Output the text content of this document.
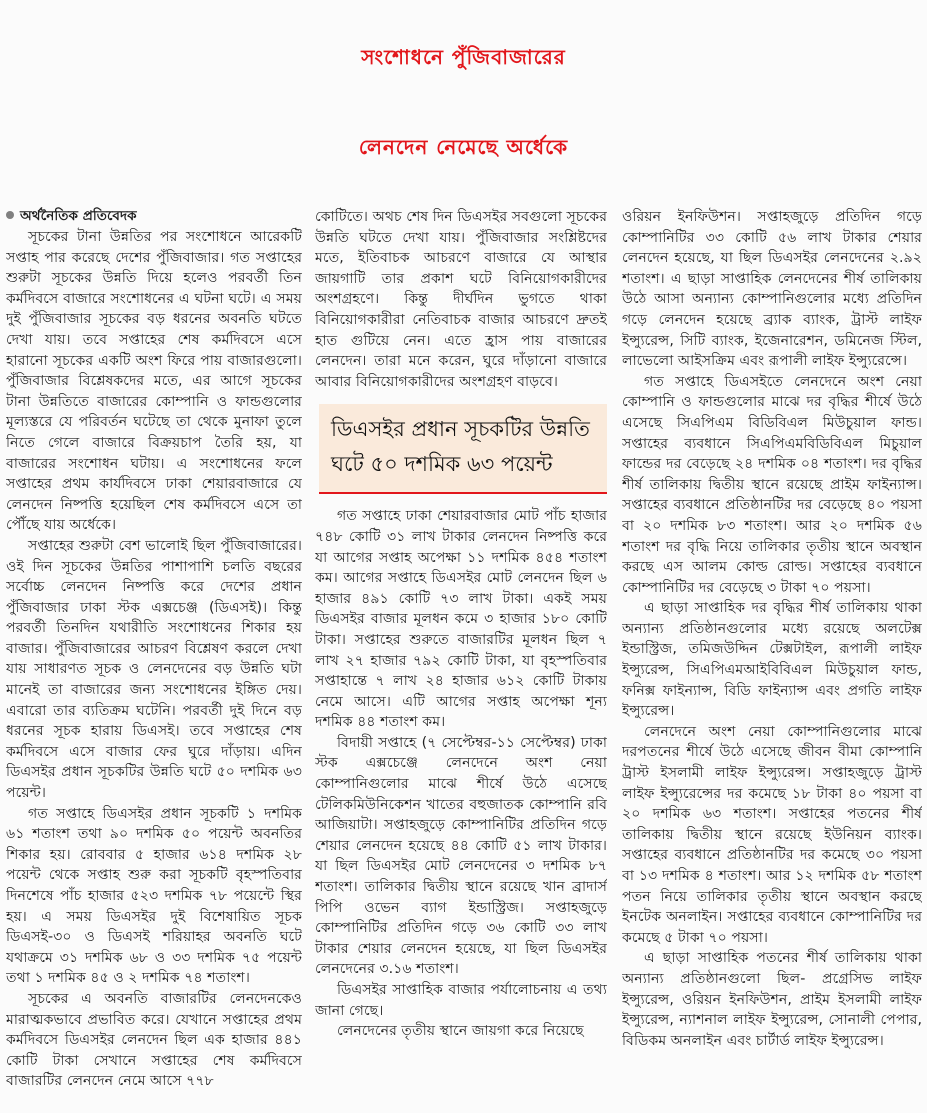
সংশোধনে পুঁজিবাজারের
লেনদেন নেমেছে অর্ধেকে
অর্থনৈতিক প্রতিবেদক

সূচকের টানা উন্নতির পর সংশোধনে আরেকটি সপ্তাহ পার করেছে দেশের পুঁজিবাজার। গত সপ্তাহের শুরুটা সূচকের উন্নতি দিয়ে হলেও পরবর্তী তিন কর্মদিবসে বাজারে সংশোধনের এ ঘটনা ঘটে। এ সময় দুই পুঁজিবাজার সূচকের বড় ধরনের অবনতি ঘটতে দেখা যায়। তবে সপ্তাহের শেষ কর্মদিবসে এসে হারানো সূচকের একটি অংশ ফিরে পায় বাজারগুলো। পুঁজিবাজার বিশ্লেষকদের মতে, এর আগে সূচকের টানা উন্নতিতে বাজারের কোম্পানি ও ফান্ডগুলোর মূল্যস্তরে যে পরিবর্তন ঘটেছে তা থেকে মুনাফা তুলে নিতে গেলে বাজারে বিক্রয়চাপ তৈরি হয়, যা বাজারের সংশোধন ঘটায়। এ সংশোধনের ফলে সপ্তাহের প্রথম কার্যদিবসে ঢাকা শেয়ারবাজারে যে লেনদেন নিষ্পত্তি হয়েছিল শেষ কর্মদিবসে এসে তা পৌঁছে যায় অর্ধেকে।

সপ্তাহের শুরুটা বেশ ভালোই ছিল পুঁজিবাজারের। ওই দিন সূচকের উন্নতির পাশাপাশি চলতি বছরের সর্বোচ্চ লেনদেন নিষ্পত্তি করে দেশের প্রধান পুঁজিবাজার ঢাকা স্টক এক্সচেঞ্জ (ডিএসই)। কিন্তু পরবর্তী তিনদিন যথারীতি সংশোধনের শিকার হয় বাজার। পুঁজিবাজারের আচরণ বিশ্লেষণ করলে দেখা যায় সাধারণত সূচক ও লেনদেনের বড় উন্নতি ঘটা মানেই তা বাজারের জন্য সংশোধনের ইঙ্গিত দেয়। এবারো তার ব্যতিক্রম ঘটেনি। পরবর্তী দুই দিনে বড় ধরনের সূচক হারায় ডিএসই। তবে সপ্তাহের শেষ কর্মদিবসে এসে বাজার ফের ঘুরে দাঁড়ায়। এদিন ডিএসইর প্রধান সূচকটির উন্নতি ঘটে ৫০ দশমিক ৬৩ পয়েন্ট।

গত সপ্তাহে ডিএসইর প্রধান সূচকটি ১ দশমিক ৬১ শতাংশ তথা ৯০ দশমিক ৫০ পয়েন্ট অবনতির শিকার হয়। রোববার ৫ হাজার ৬১৪ দশমিক ২৮ পয়েন্ট থেকে সপ্তাহ শুরু করা সূচকটি বৃহস্পতিবার দিনশেষে পাঁচ হাজার ৫২৩ দশমিক ৭৮ পয়েন্টে স্থির হয়। এ সময় ডিএসইর দুই বিশেষায়িত সূচক ডিএসই-৩০ ও ডিএসই শরিয়াহর অবনতি ঘটে যথাক্রমে ৩১ দশমিক ৬৮ ও ৩৩ দশমিক ৭৫ পয়েন্ট তথা ১ দশমিক ৪৫ ও ২ দশমিক ৭৪ শতাংশ।

সূচকের এ অবনতি বাজারটির লেনদেনকেও মারাত্মকভাবে প্রভাবিত করে। যেখানে সপ্তাহের প্রথম কর্মদিবসে ডিএসইর লেনদেন ছিল এক হাজার ৪৪১ কোটি টাকা সেখানে সপ্তাহের শেষ কর্মদিবসে বাজারটির লেনদেন নেমে আসে ৭৭৮

কোটিতে। অথচ শেষ দিন ডিএসইর সবগুলো সূচকের উন্নতি ঘটতে দেখা যায়। পুঁজিবাজার সংশ্লিষ্টদের মতে, ইতিবাচক আচরণে বাজারে যে আস্থার জায়গাটি তার প্রকাশ ঘটে বিনিয়োগকারীদের অংশগ্রহণে। কিন্তু দীর্ঘদিন ভুগতে থাকা বিনিয়োগকারীরা নেতিবাচক বাজার আচরণে দ্রুতই হাত গুটিয়ে নেন। এতে হ্রাস পায় বাজারের লেনদেন। তারা মনে করেন, ঘুরে দাঁড়ানো বাজারে আবার বিনিয়োগকারীদের অংশগ্রহণ বাড়বে।

ডিএসইর প্রধান সূচকটির উন্নতি ঘটে ৫০ দশমিক ৬৩ পয়েন্ট

গত সপ্তাহে ঢাকা শেয়ারবাজার মোট পাঁচ হাজার ৭৪৮ কোটি ৩১ লাখ টাকার লেনদেন নিষ্পত্তি করে যা আগের সপ্তাহ অপেক্ষা ১১ দশমিক ৪৫৪ শতাংশ কম। আগের সপ্তাহে ডিএসইর মোট লেনদেন ছিল ৬ হাজার ৪৯১ কোটি ৭৩ লাখ টাকা। একই সময় ডিএসইর বাজার মূলধন কমে ৩ হাজার ১৮০ কোটি টাকা। সপ্তাহের শুরুতে বাজারটির মূলধন ছিল ৭ লাখ ২৭ হাজার ৭৯২ কোটি টাকা, যা বৃহস্পতিবার সপ্তাহান্তে ৭ লাখ ২৪ হাজার ৬১২ কোটি টাকায় নেমে আসে। এটি আগের সপ্তাহ অপেক্ষা শূন্য দশমিক ৪৪ শতাংশ কম।

বিদায়ী সপ্তাহে (৭ সেপ্টেম্বর-১১ সেপ্টেম্বর) ঢাকা স্টক এক্সচেঞ্জে লেনদেনে অংশ নেয়া কোম্পানিগুলোর মাঝে শীর্ষে উঠে এসেছে টেলিকমিউনিকেশন খাতের বহুজাতক কোম্পানি রবি আজিয়াটা। সপ্তাহজুড়ে কোম্পানিটির প্রতিদিন গড়ে শেয়ার লেনদেন হয়েছে ৪৪ কোটি ৫১ লাখ টাকার। যা ছিল ডিএসইর মোট লেনদেনের ৩ দশমিক ৮৭ শতাংশ। তালিকার দ্বিতীয় স্থানে রয়েছে খান ব্রাদার্স পিপি ওভেন ব্যাগ ইন্ডাস্ট্রিজ। সপ্তাহজুড়ে কোম্পানিটির প্রতিদিন গড়ে ৩৬ কোটি ৩৩ লাখ টাকার শেয়ার লেনদেন হয়েছে, যা ছিল ডিএসইর লেনদেনের ৩.১৬ শতাংশ।

ডিএসইর সাপ্তাহিক বাজার পর্যালোচনায় এ তথ্য জানা গেছে।

লেনদেনের তৃতীয় স্থানে জায়গা করে নিয়েছে

ওরিয়ন ইনফিউশন। সপ্তাহজুড়ে প্রতিদিন গড়ে কোম্পানিটির ৩৩ কোটি ৫৬ লাখ টাকার শেয়ার লেনদেন হয়েছে, যা ছিল ডিএসইর লেনদেনের ২.৯২ শতাংশ। এ ছাড়া সাপ্তাহিক লেনদেনের শীর্ষ তালিকায় উঠে আসা অন্যান্য কোম্পানিগুলোর মধ্যে প্রতিদিন গড়ে লেনদেন হয়েছে ব্র্যাক ব্যাংক, ট্রাস্ট লাইফ ইন্স্যুরেন্স, সিটি ব্যাংক, ইজেনারেশন, ডমিনেজ স্টিল, লাভেলো আইসক্রিম এবং রূপালী লাইফ ইন্স্যুরেন্সে।

গত সপ্তাহে ডিএসইতে লেনদেনে অংশ নেয়া কোম্পানি ও ফান্ডগুলোর মাঝে দর বৃদ্ধির শীর্ষে উঠে এসেছে সিএপিএম বিডিবিএল মিউচুয়াল ফান্ড। সপ্তাহের ব্যবধানে সিএপিএমবিডিবিএল মিচুয়াল ফান্ডের দর বেড়েছে ২৪ দশমিক ০৪ শতাংশ। দর বৃদ্ধির শীর্ষ তালিকায় দ্বিতীয় স্থানে রয়েছে প্রাইম ফাইন্যান্স। সপ্তাহের ব্যবধানে প্রতিষ্ঠানটির দর বেড়েছে ৪০ পয়সা বা ২০ দশমিক ৮৩ শতাংশ। আর ২০ দশমিক ৫৬ শতাংশ দর বৃদ্ধি নিয়ে তালিকার তৃতীয় স্থানে অবস্থান করছে এস আলম কোল্ড রোল্ড। সপ্তাহের ব্যবধানে কোম্পানিটির দর বেড়েছে ৩ টাকা ৭০ পয়সা।

এ ছাড়া সাপ্তাহিক দর বৃদ্ধির শীর্ষ তালিকায় থাকা অন্যান্য প্রতিষ্ঠানগুলোর মধ্যে রয়েছে অলটেক্স ইন্ডাস্ট্রিজ, তমিজউদ্দিন টেক্সটাইল, রূপালী লাইফ ইন্স্যুরেন্স, সিএপিএমআইবিবিএল মিউচুয়াল ফান্ড, ফনিক্স ফাইন্যান্স, বিডি ফাইন্যান্স এবং প্রগতি লাইফ ইন্স্যুরেন্স।

লেনদেনে অংশ নেয়া কোম্পানিগুলোর মাঝে দরপতনের শীর্ষে উঠে এসেছে জীবন বীমা কোম্পানি ট্রাস্ট ইসলামী লাইফ ইন্স্যুরেন্স। সপ্তাহজুড়ে ট্রাস্ট লাইফ ইন্স্যুরেন্সের দর কমেছে ১৮ টাকা ৪০ পয়সা বা ২০ দশমিক ৬৩ শতাংশ। সপ্তাহের পতনের শীর্ষ তালিকায় দ্বিতীয় স্থানে রয়েছে ইউনিয়ন ব্যাংক। সপ্তাহের ব্যবধানে প্রতিষ্ঠানটির দর কমেছে ৩০ পয়সা বা ১৩ দশমিক ৪ শতাংশ। আর ১২ দশমিক ৫৮ শতাংশ পতন নিয়ে তালিকার তৃতীয় স্থানে অবস্থান করছে ইনটেক অনলাইন। সপ্তাহের ব্যবধানে কোম্পানিটির দর কমেছে ৫ টাকা ৭০ পয়সা।

এ ছাড়া সাপ্তাহিক পতনের শীর্ষ তালিকায় থাকা অন্যান্য প্রতিষ্ঠানগুলো ছিল- প্রগ্রেসিভ লাইফ ইন্স্যুরেন্স, ওরিয়ন ইনফিউশন, প্রাইম ইসলামী লাইফ ইন্স্যুরেন্স, ন্যাশনাল লাইফ ইন্স্যুরেন্স, সোনালী পেপার, বিডিকম অনলাইন এবং চার্টার্ড লাইফ ইন্স্যুরেন্স।
